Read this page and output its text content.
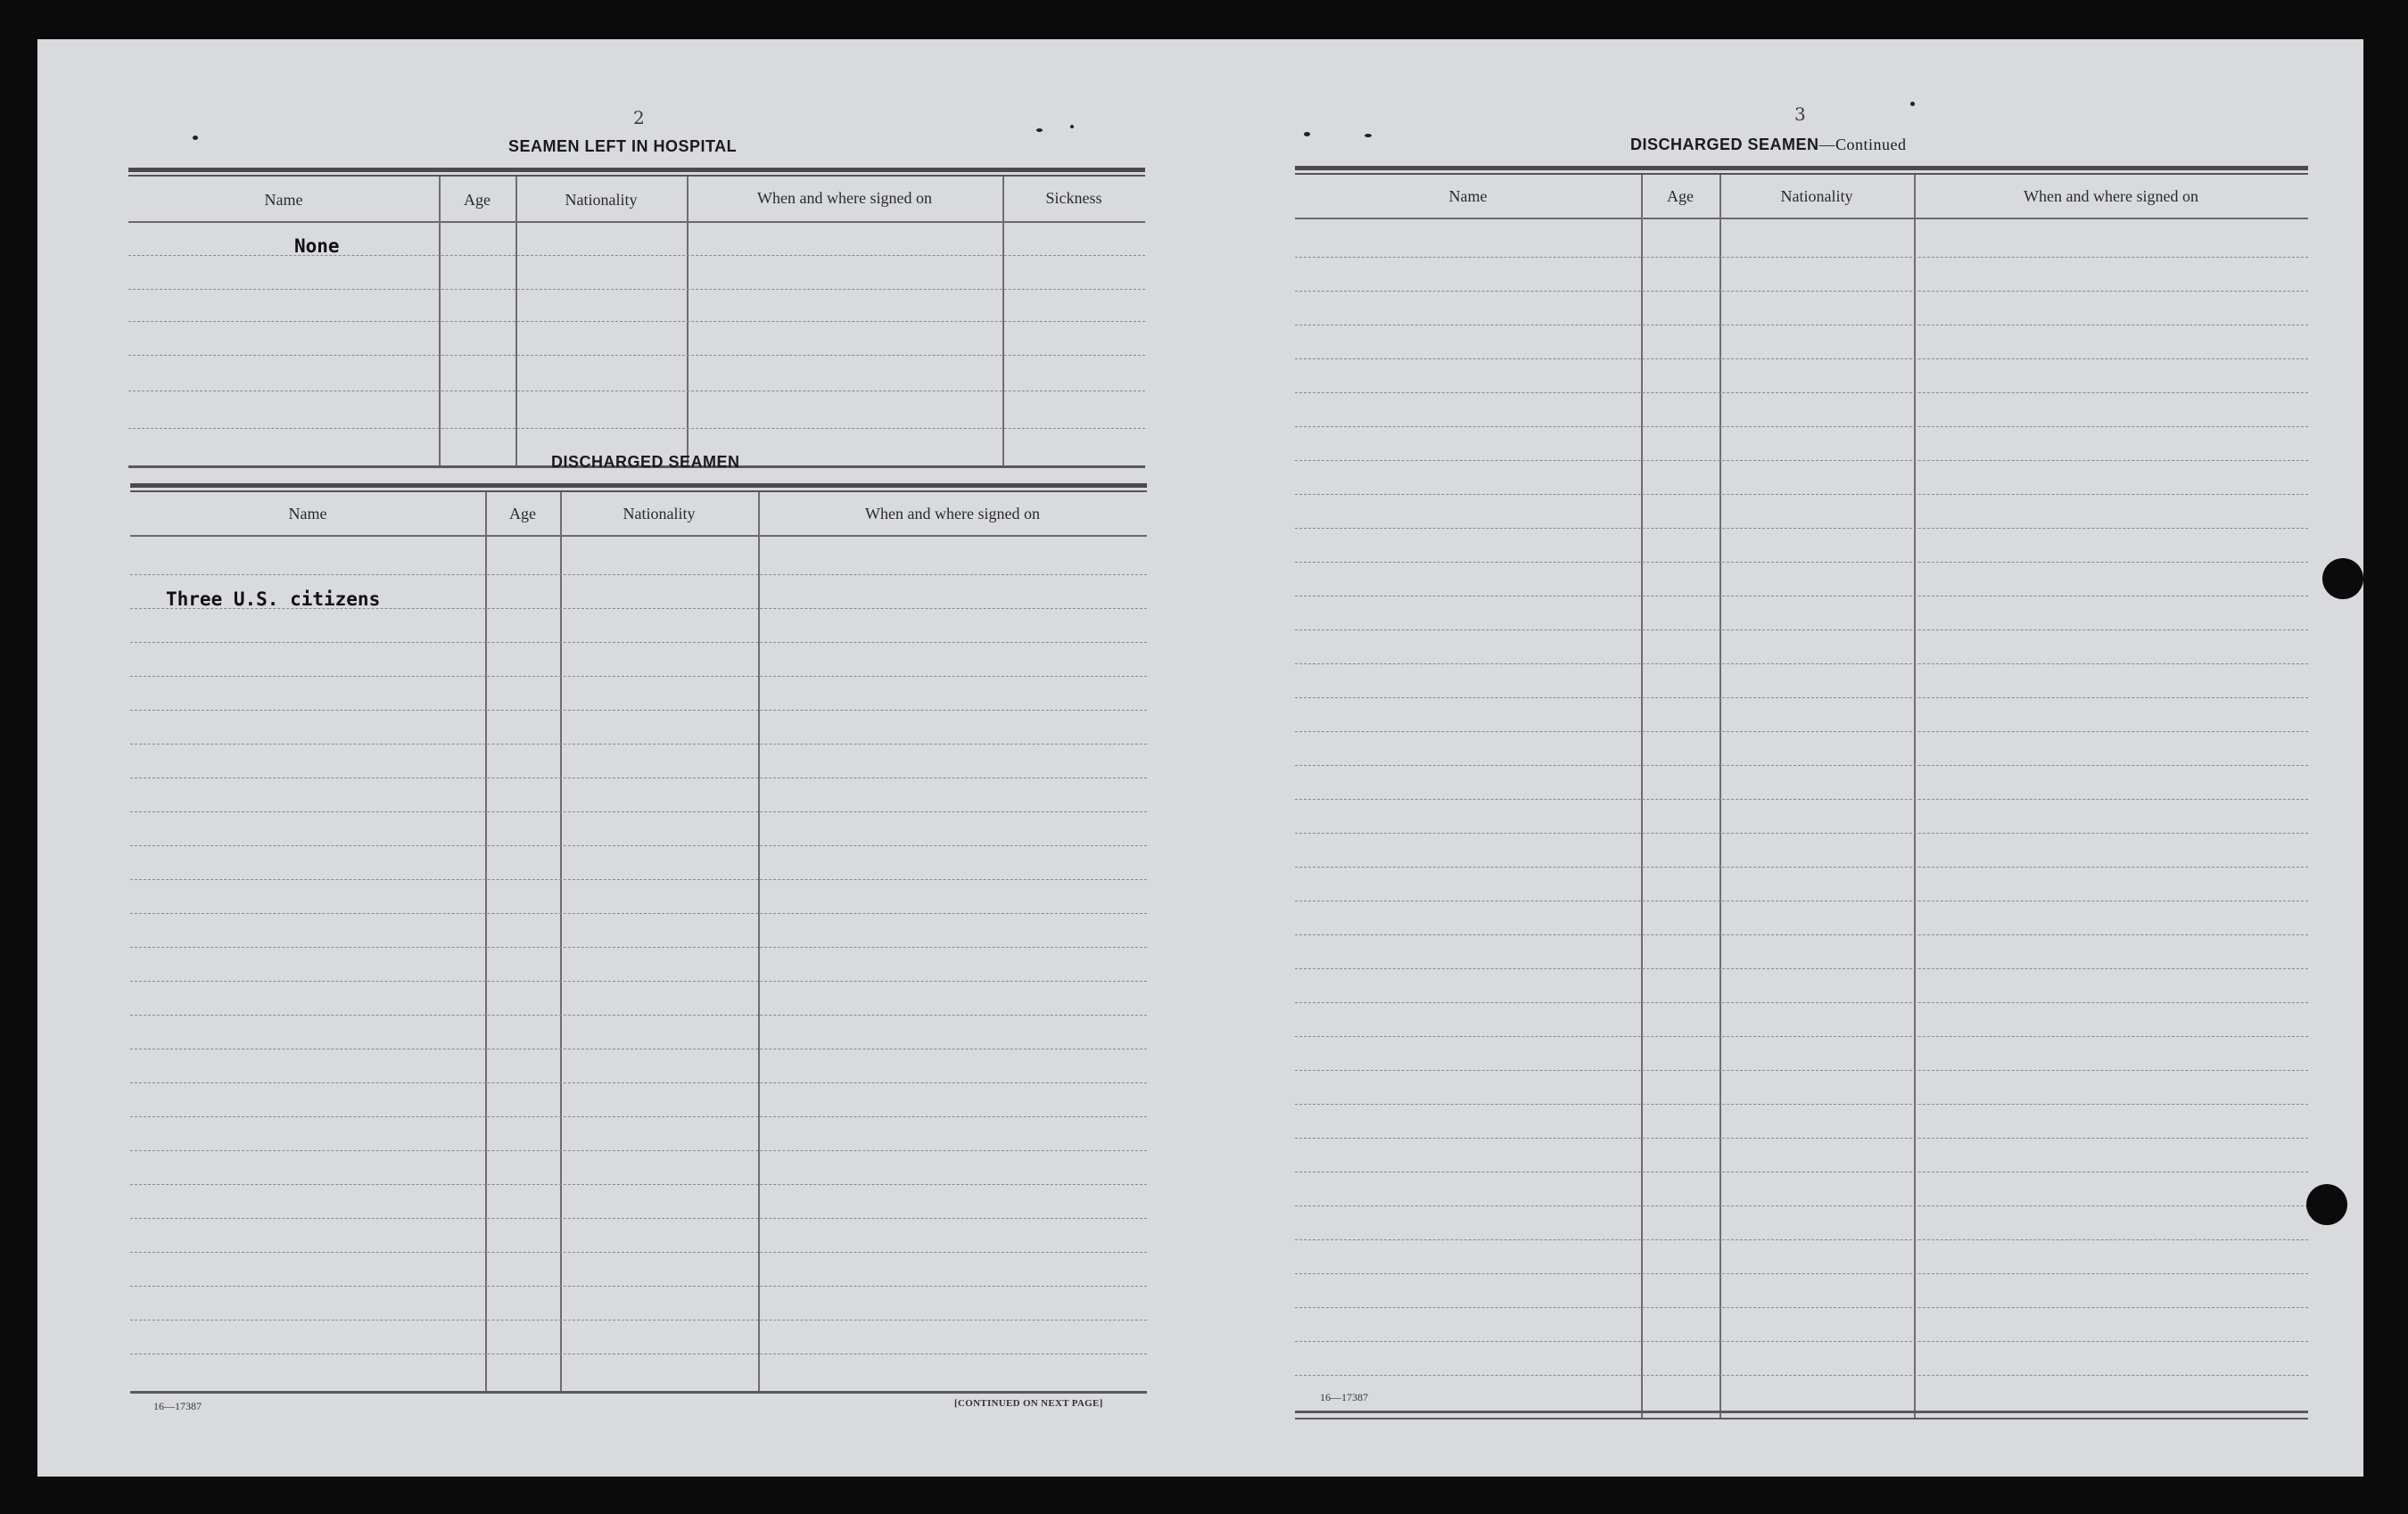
2
SEAMEN LEFT IN HOSPITAL
Name	Age	Nationality	When and where signed on	Sickness
None
DISCHARGED SEAMEN
Name	Age	Nationality	When and where signed on
Three U.S. citizens
16—17387	[CONTINUED ON NEXT PAGE]
3
DISCHARGED SEAMEN—Continued
Name	Age	Nationality	When and where signed on
16—17387
